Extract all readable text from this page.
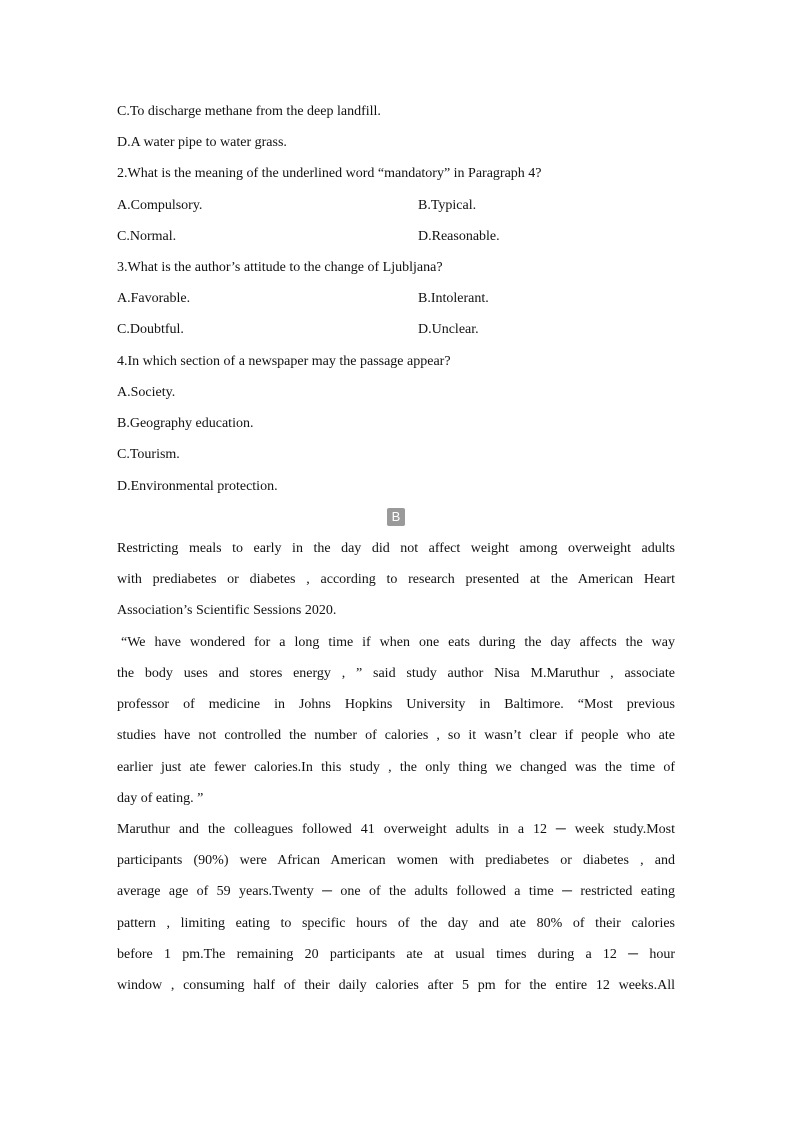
C.To discharge methane from the deep landfill.
D.A water pipe to water grass.
2.What is the meaning of the underlined word “mandatory” in Paragraph 4?
A.Compulsory.	B.Typical.
C.Normal.	D.Reasonable.
3.What is the author’s attitude to the change of Ljubljana?
A.Favorable.	B.Intolerant.
C.Doubtful.	D.Unclear.
4.In which section of a newspaper may the passage appear?
A.Society.
B.Geography education.
C.Tourism.
D.Environmental protection.
B
Restricting meals to early in the day did not affect weight among overweight adults
with prediabetes or diabetes , according to research presented at the American Heart
Association’s Scientific Sessions 2020.
“We have wondered for a long time if when one eats during the day affects the way
the body uses and stores energy , ” said study author Nisa M.Maruthur , associate
professor of medicine in Johns Hopkins University in Baltimore. “Most previous
studies have not controlled the number of calories , so it wasn’t clear if people who ate
earlier just ate fewer calories.In this study , the only thing we changed was the time of
day of eating. ”
Maruthur and the colleagues followed 41 overweight adults in a 12 ─ week study.Most
participants (90%) were African American women with prediabetes or diabetes , and
average age of 59 years.Twenty ─ one of the adults followed a time ─ restricted eating
pattern , limiting eating to specific hours of the day and ate 80% of their calories
before 1 pm.The remaining 20 participants ate at usual times during a 12 ─ hour
window , consuming half of their daily calories after 5 pm for the entire 12 weeks.All
